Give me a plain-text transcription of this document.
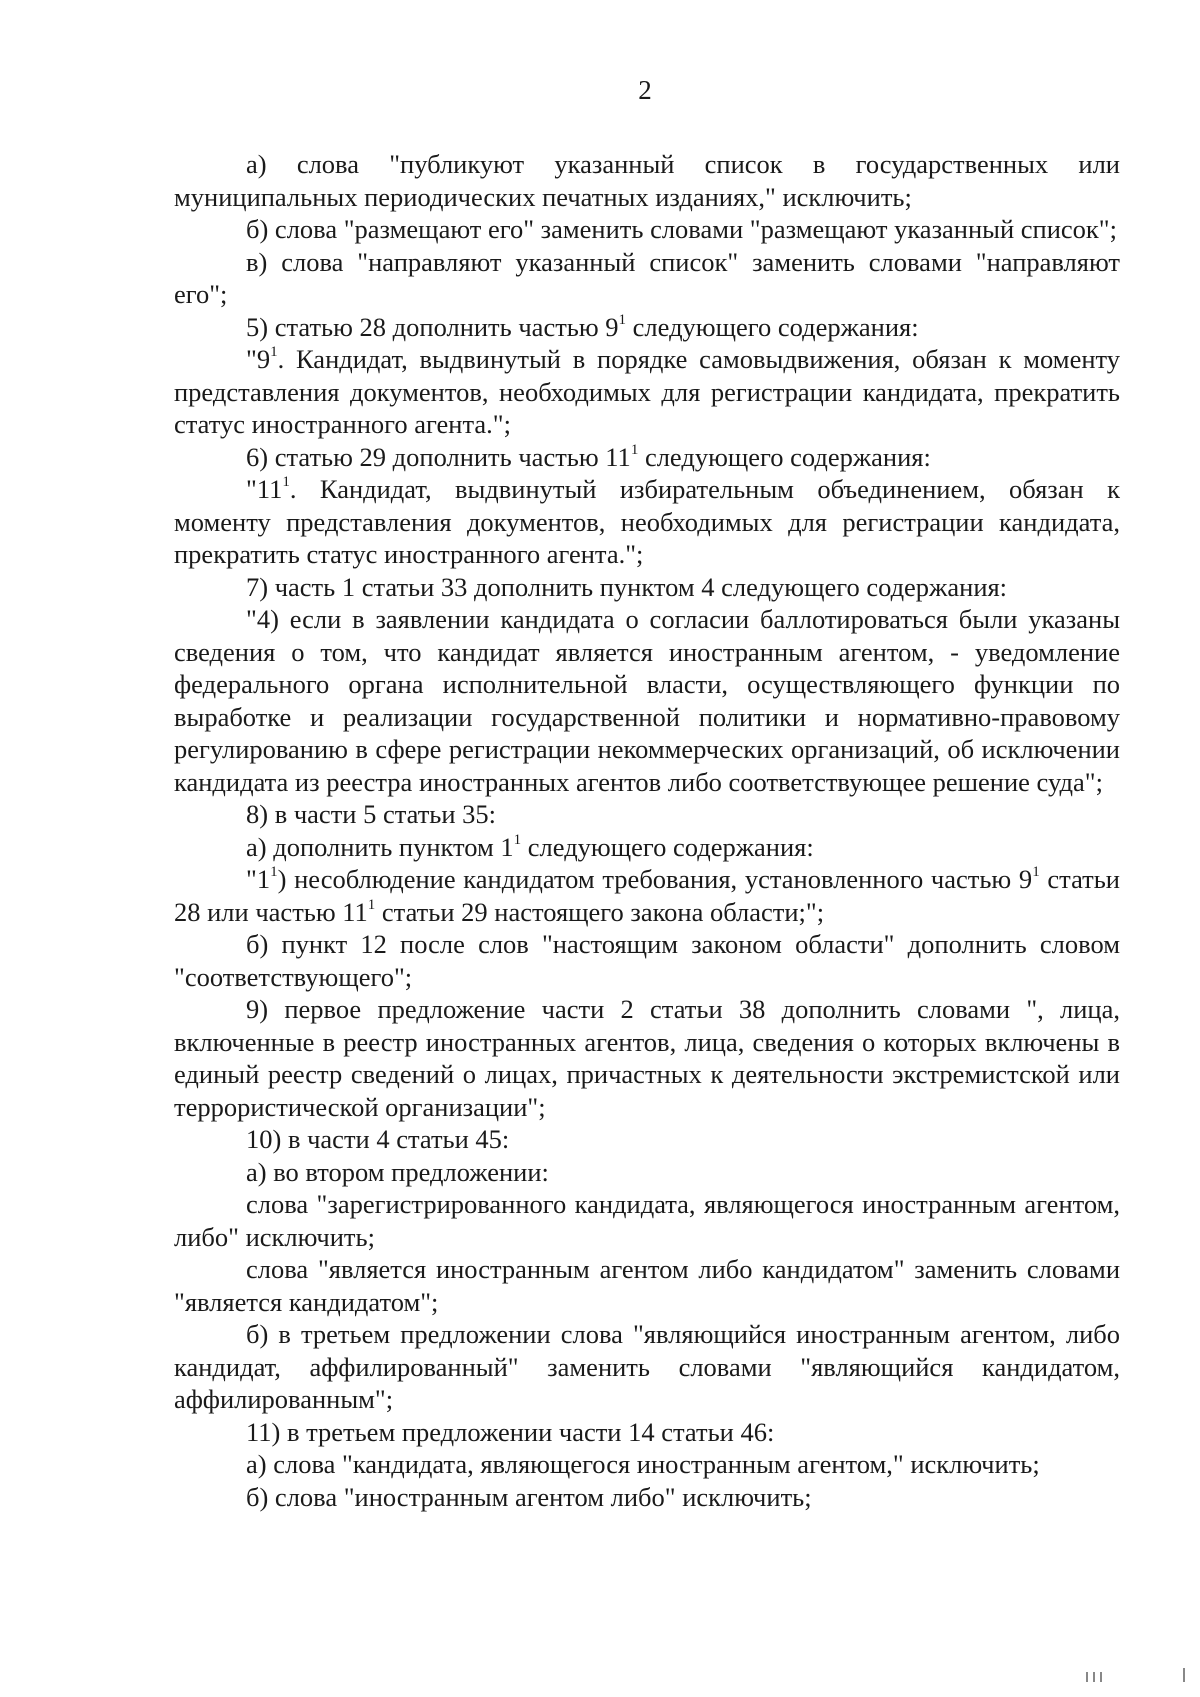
2

а) слова "публикуют указанный список в государственных или муниципальных периодических печатных изданиях," исключить;

б) слова "размещают его" заменить словами "размещают указанный список";

в) слова "направляют указанный список" заменить словами "направляют его";

5) статью 28 дополнить частью $9^1$ следующего содержания:

"$9^1$. Кандидат, выдвинутый в порядке самовыдвижения, обязан к моменту представления документов, необходимых для регистрации кандидата, прекратить статус иностранного агента.";

6) статью 29 дополнить частью $11^1$ следующего содержания:

"$11^1$. Кандидат, выдвинутый избирательным объединением, обязан к моменту представления документов, необходимых для регистрации кандидата, прекратить статус иностранного агента.";

7) часть 1 статьи 33 дополнить пунктом 4 следующего содержания:

"4) если в заявлении кандидата о согласии баллотироваться были указаны сведения о том, что кандидат является иностранным агентом, - уведомление федерального органа исполнительной власти, осуществляющего функции по выработке и реализации государственной политики и нормативно-правовому регулированию в сфере регистрации некоммерческих организаций, об исключении кандидата из реестра иностранных агентов либо соответствующее решение суда";

8) в части 5 статьи 35:

а) дополнить пунктом $1^1$ следующего содержания:

"$1^1$) несоблюдение кандидатом требования, установленного частью $9^1$ статьи 28 или частью $11^1$ статьи 29 настоящего закона области;";

б) пункт 12 после слов "настоящим законом области" дополнить словом "соответствующего";

9) первое предложение части 2 статьи 38 дополнить словами ", лица, включенные в реестр иностранных агентов, лица, сведения о которых включены в единый реестр сведений о лицах, причастных к деятельности экстремистской или террористической организации";

10) в части 4 статьи 45:

а) во втором предложении:

слова "зарегистрированного кандидата, являющегося иностранным агентом, либо" исключить;

слова "является иностранным агентом либо кандидатом" заменить словами "является кандидатом";

б) в третьем предложении слова "являющийся иностранным агентом, либо кандидат, аффилированный" заменить словами "являющийся кандидатом, аффилированным";

11) в третьем предложении части 14 статьи 46:

а) слова "кандидата, являющегося иностранным агентом," исключить;

б) слова "иностранным агентом либо" исключить;
